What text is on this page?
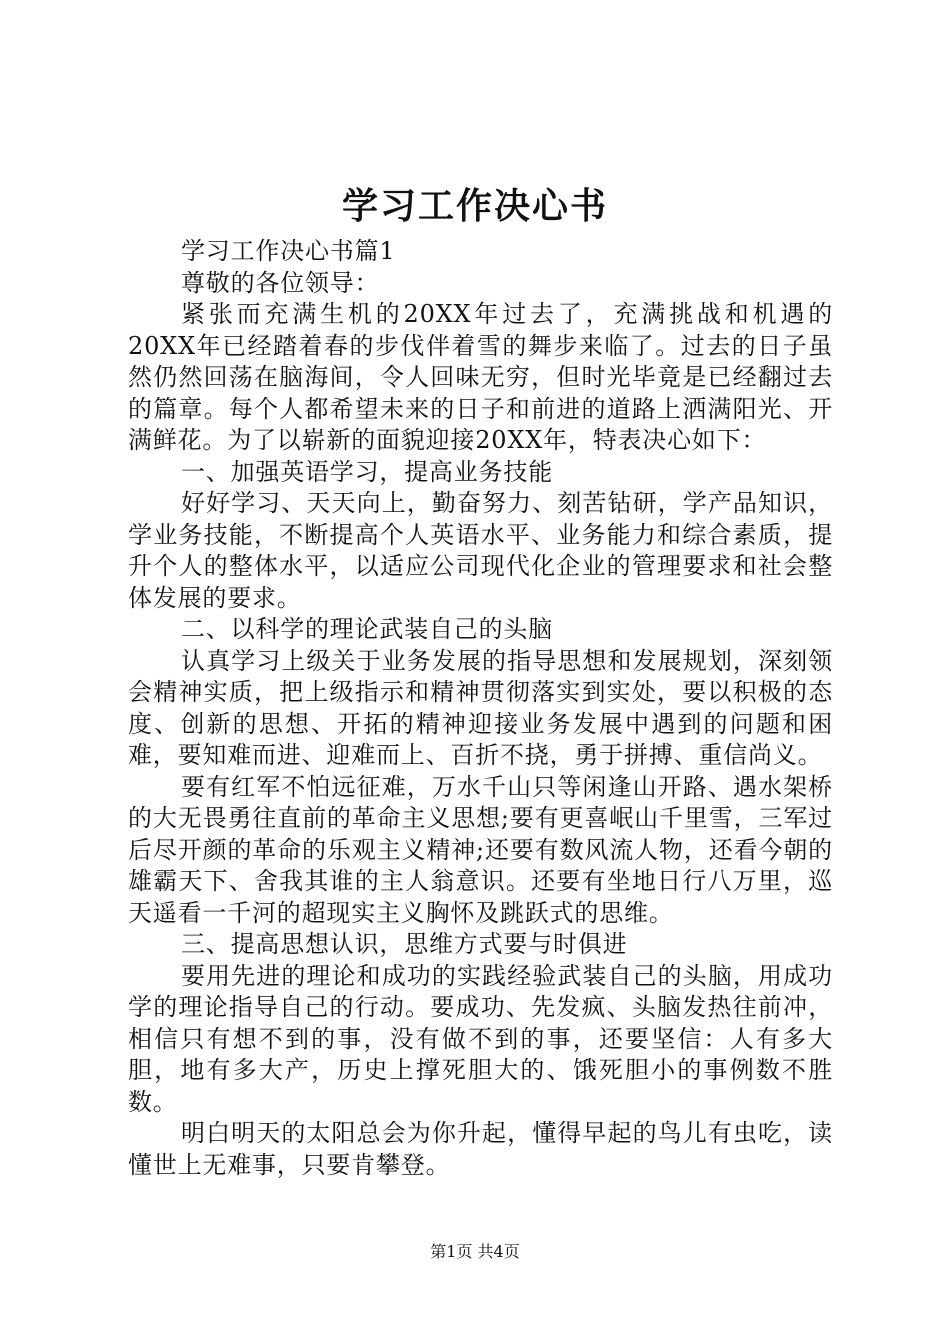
学习工作决心书

学习工作决心书篇1

尊敬的各位领导：

紧张而充满生机的20XX年过去了，充满挑战和机遇的20XX年已经踏着春的步伐伴着雪的舞步来临了。过去的日子虽然仍然回荡在脑海间，令人回味无穷，但时光毕竟是已经翻过去的篇章。每个人都希望未来的日子和前进的道路上洒满阳光、开满鲜花。为了以崭新的面貌迎接20XX年，特表决心如下：

一、加强英语学习，提高业务技能

好好学习、天天向上，勤奋努力、刻苦钻研，学产品知识，学业务技能，不断提高个人英语水平、业务能力和综合素质，提升个人的整体水平，以适应公司现代化企业的管理要求和社会整体发展的要求。

二、以科学的理论武装自己的头脑

认真学习上级关于业务发展的指导思想和发展规划，深刻领会精神实质，把上级指示和精神贯彻落实到实处，要以积极的态度、创新的思想、开拓的精神迎接业务发展中遇到的问题和困难，要知难而进、迎难而上、百折不挠，勇于拼搏、重信尚义。

要有红军不怕远征难，万水千山只等闲逢山开路、遇水架桥的大无畏勇往直前的革命主义思想;要有更喜岷山千里雪，三军过后尽开颜的革命的乐观主义精神;还要有数风流人物，还看今朝的雄霸天下、舍我其谁的主人翁意识。还要有坐地日行八万里，巡天遥看一千河的超现实主义胸怀及跳跃式的思维。

三、提高思想认识，思维方式要与时俱进

要用先进的理论和成功的实践经验武装自己的头脑，用成功学的理论指导自己的行动。要成功、先发疯、头脑发热往前冲，相信只有想不到的事，没有做不到的事，还要坚信：人有多大胆，地有多大产，历史上撑死胆大的、饿死胆小的事例数不胜数。

明白明天的太阳总会为你升起，懂得早起的鸟儿有虫吃，读懂世上无难事，只要肯攀登。

第1页 共4页
